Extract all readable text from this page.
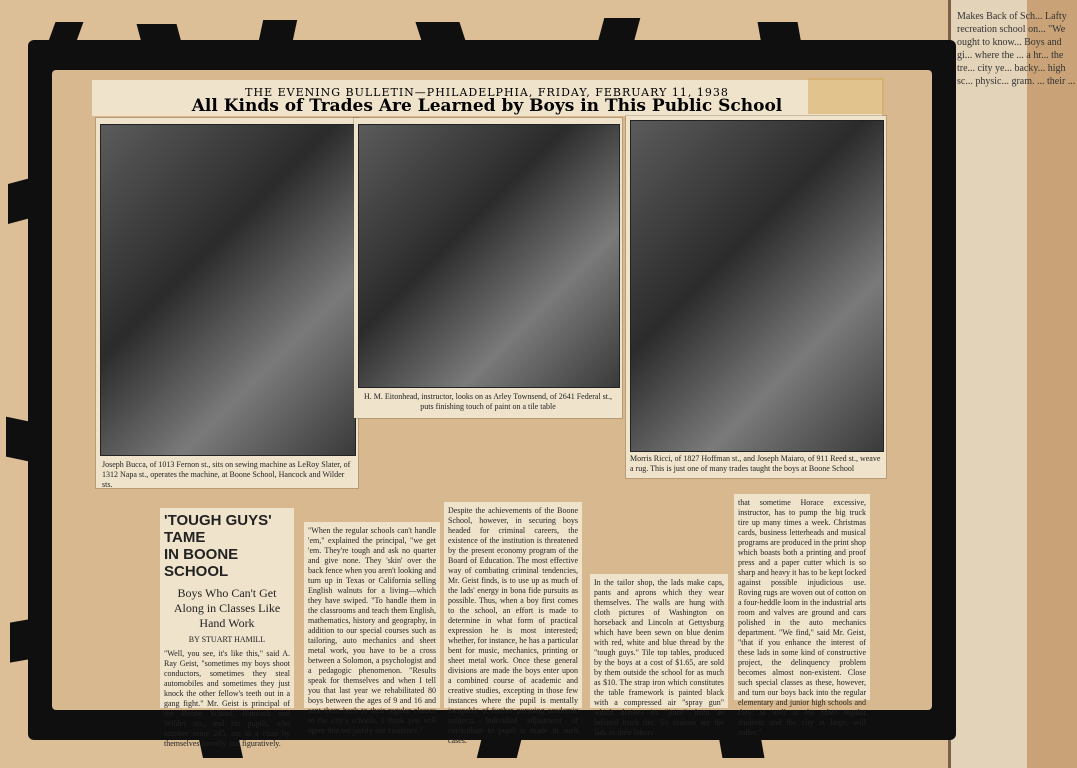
Makes Back of Sch... Lafty recreation school on... "We ought to know... Boys and gi... where the ... a hr... the tre... city ye... backy... high sc... physic... gram. ... their ...
THE EVENING BULLETIN—PHILADELPHIA, FRIDAY, FEBRUARY 11, 1938
All Kinds of Trades Are Learned by Boys in This Public School
Joseph Bucca, of 1013 Fernon st., sits on sewing machine as LeRoy Slater, of 1312 Napa st., operates the machine, at Boone School, Hancock and Wilder sts.
H. M. Eitonhead, instructor, looks on as Arley Townsend, of 2641 Federal st., puts finishing touch of paint on a tile table
Morris Ricci, of 1827 Hoffman st., and Joseph Maiaro, of 911 Reed st., weave a rug. This is just one of many trades taught the boys at Boone School
'TOUGH GUYS' TAME
IN BOONE SCHOOL
Boys Who Can't Get Along in Classes Like Hand Work
BY STUART HAMILL

"Well, you see, it's like this," said A. Ray Geist, "sometimes my boys shoot conductors, sometimes they steal automobiles and sometimes they just knock the other fellow's teeth out in a gang fight." Mr. Geist is principal of the Boone School, Hancock and Wilder sts., and his pupils, who number some 245, are in a class by themselves literally and figuratively.

"When the regular schools can't handle 'em," explained the principal, "we get 'em. They're tough and ask no quarter and give none. They 'skin' over the back fence when you aren't looking and turn up in Texas or California selling English walnuts for a living—which they have swiped. "To handle them in the classrooms and teach them English, mathematics, history and geography, in addition to our special courses such as tailoring, auto mechanics and sheet metal work, you have to be a cross between a Solomon, a psychologist and a pedagogic phenomenon. "Results speak for themselves and when I tell you that last year we rehabilitated 80 boys between the ages of 9 and 16 and sent them back to their regular classes in the city's schools, I think you will agree that we justify our existence."

Despite the achievements of the Boone School, however, in securing boys headed for criminal careers, the existence of the institution is threatened by the present economy program of the Board of Education. The most effective way of combating criminal tendencies, Mr. Geist finds, is to use up as much of the lads' energy in bona fide pursuits as possible. Thus, when a boy first comes to the school, an effort is made to determine in what form of practical expression he is most interested; whether, for instance, he has a particular bent for music, mechanics, printing or sheet metal work. Once these general divisions are made the boys enter upon a combined course of academic and creative studies, excepting in those few instances where the pupil is mentally incapable of further pursuing academic subjects. Individual adjustment of curriculum to pupil is made in such cases.

In the tailor shop, the lads make caps, pants and aprons which they wear themselves. The walls are hung with cloth pictures of Washington on horseback and Lincoln at Gettysburg which have been sewn on blue denim with red, white and blue thread by the "tough guys." Tile top tables, produced by the boys at a cost of $1.65, are sold by them outside the school for as much as $10. The strap iron which constitutes the table framework is painted black with a compressed air "spray gun" which derives its "juice" from an inflated truck tire. So zealous are the lads in their labors

that sometime Horace excessive, instructor, has to pump the big truck tire up many times a week. Christmas cards, business letterheads and musical programs are produced in the print shop which boasts both a printing and proof press and a paper cutter which is so sharp and heavy it has to be kept locked against possible injudicious use. Roving rugs are woven out of cotton on a four-heddle loom in the industrial arts room and valves are ground and cars polished in the auto mechanics department. "We find," said Mr. Geist, "that if you enhance the interest of these lads in some kind of constructive project, the delinquency problem becomes almost non-existent. Close such special classes as these, however, and turn our boys back into the regular elementary and junior high schools and they, as well as the other regular students and the city at large, will suffer."
